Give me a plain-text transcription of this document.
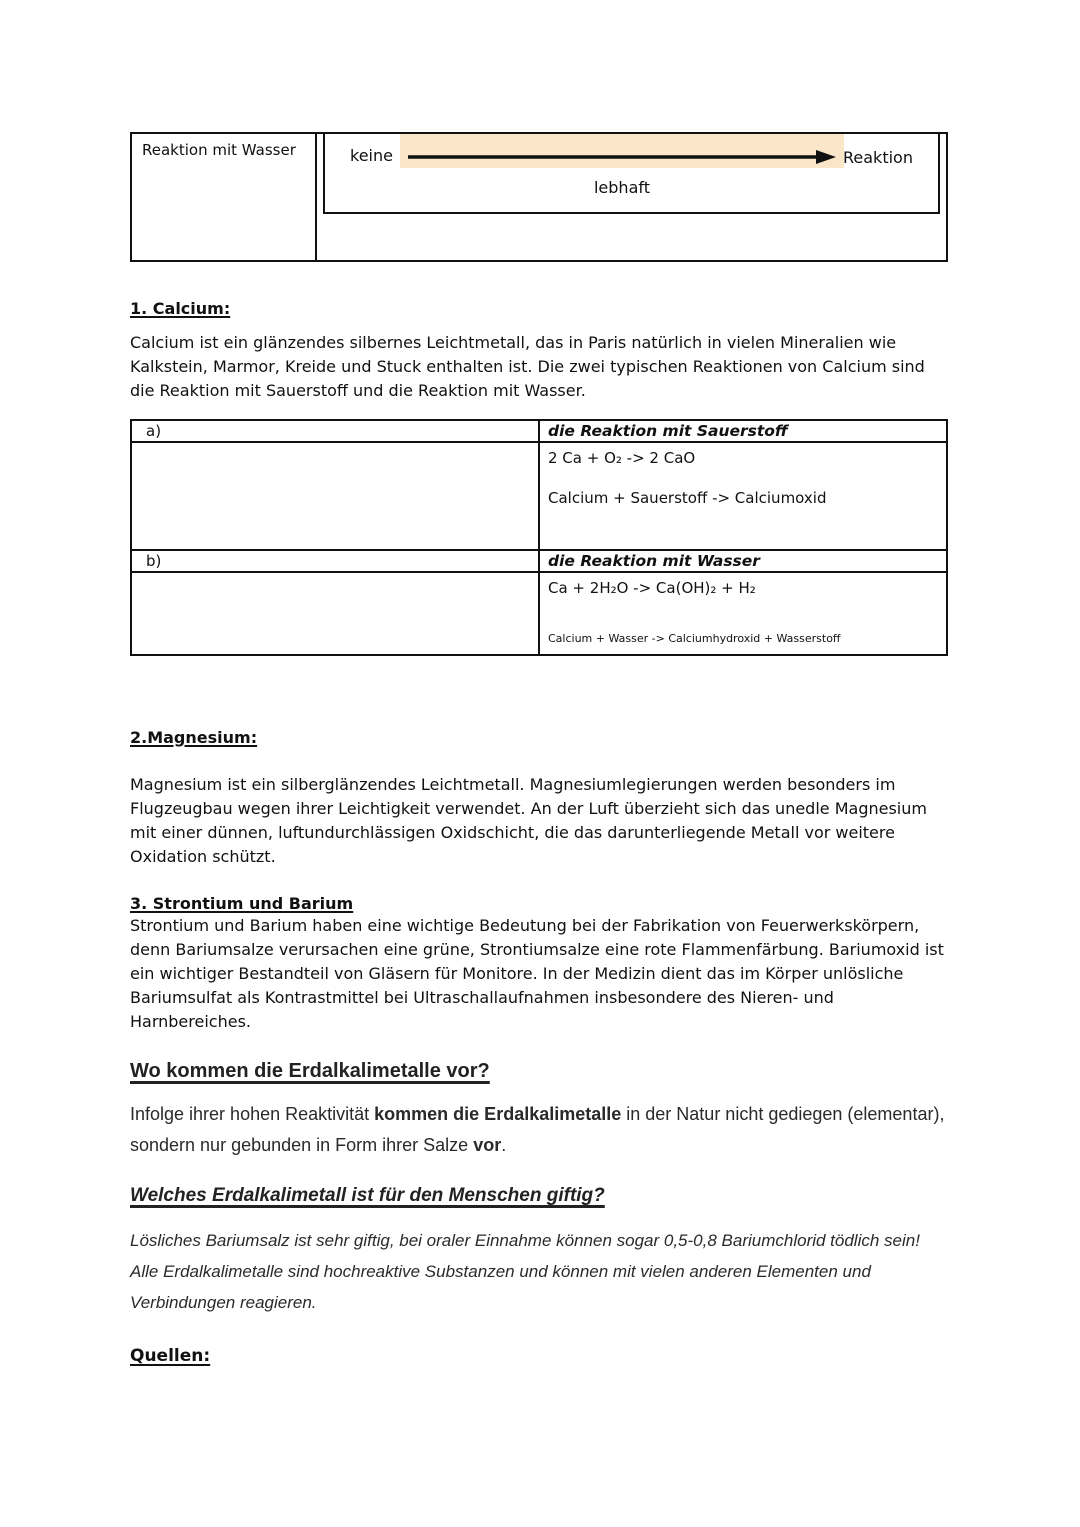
Reaktion mit Wasser	keine	Reaktion
lebhaft
1. Calcium:
Calcium ist ein glänzendes silbernes Leichtmetall, das in Paris natürlich in vielen Mineralien wie Kalkstein, Marmor, Kreide und Stuck enthalten ist. Die zwei typischen Reaktionen von Calcium sind die Reaktion mit Sauerstoff und die Reaktion mit Wasser.
a)	die Reaktion mit Sauerstoff

	2 Ca + O₂ -> 2 CaO
Calcium + Sauerstoff -> Calciumoxid

b)	die Reaktion mit Wasser

	Ca + 2H₂O -> Ca(OH)₂ + H₂
Calcium + Wasser -> Calciumhydroxid + Wasserstoff
2.Magnesium:
Magnesium ist ein silberglänzendes Leichtmetall. Magnesiumlegierungen werden besonders im Flugzeugbau wegen ihrer Leichtigkeit verwendet. An der Luft überzieht sich das unedle Magnesium mit einer dünnen, luftundurchlässigen Oxidschicht, die das darunterliegende Metall vor weitere Oxidation schützt.
3. Strontium und Barium
Strontium und Barium haben eine wichtige Bedeutung bei der Fabrikation von Feuerwerkskörpern, denn Bariumsalze verursachen eine grüne, Strontiumsalze eine rote Flammenfärbung. Bariumoxid ist ein wichtiger Bestandteil von Gläsern für Monitore. In der Medizin dient das im Körper unlösliche Bariumsulfat als Kontrastmittel bei Ultraschallaufnahmen insbesondere des Nieren- und Harnbereiches.
Wo kommen die Erdalkalimetalle vor?
Infolge ihrer hohen Reaktivität kommen die Erdalkalimetalle in der Natur nicht gediegen (elementar), sondern nur gebunden in Form ihrer Salze vor.
Welches Erdalkalimetall ist für den Menschen giftig?
Lösliches Bariumsalz ist sehr giftig, bei oraler Einnahme können sogar 0,5-0,8 Bariumchlorid tödlich sein! Alle Erdalkalimetalle sind hochreaktive Substanzen und können mit vielen anderen Elementen und Verbindungen reagieren.
Quellen:
